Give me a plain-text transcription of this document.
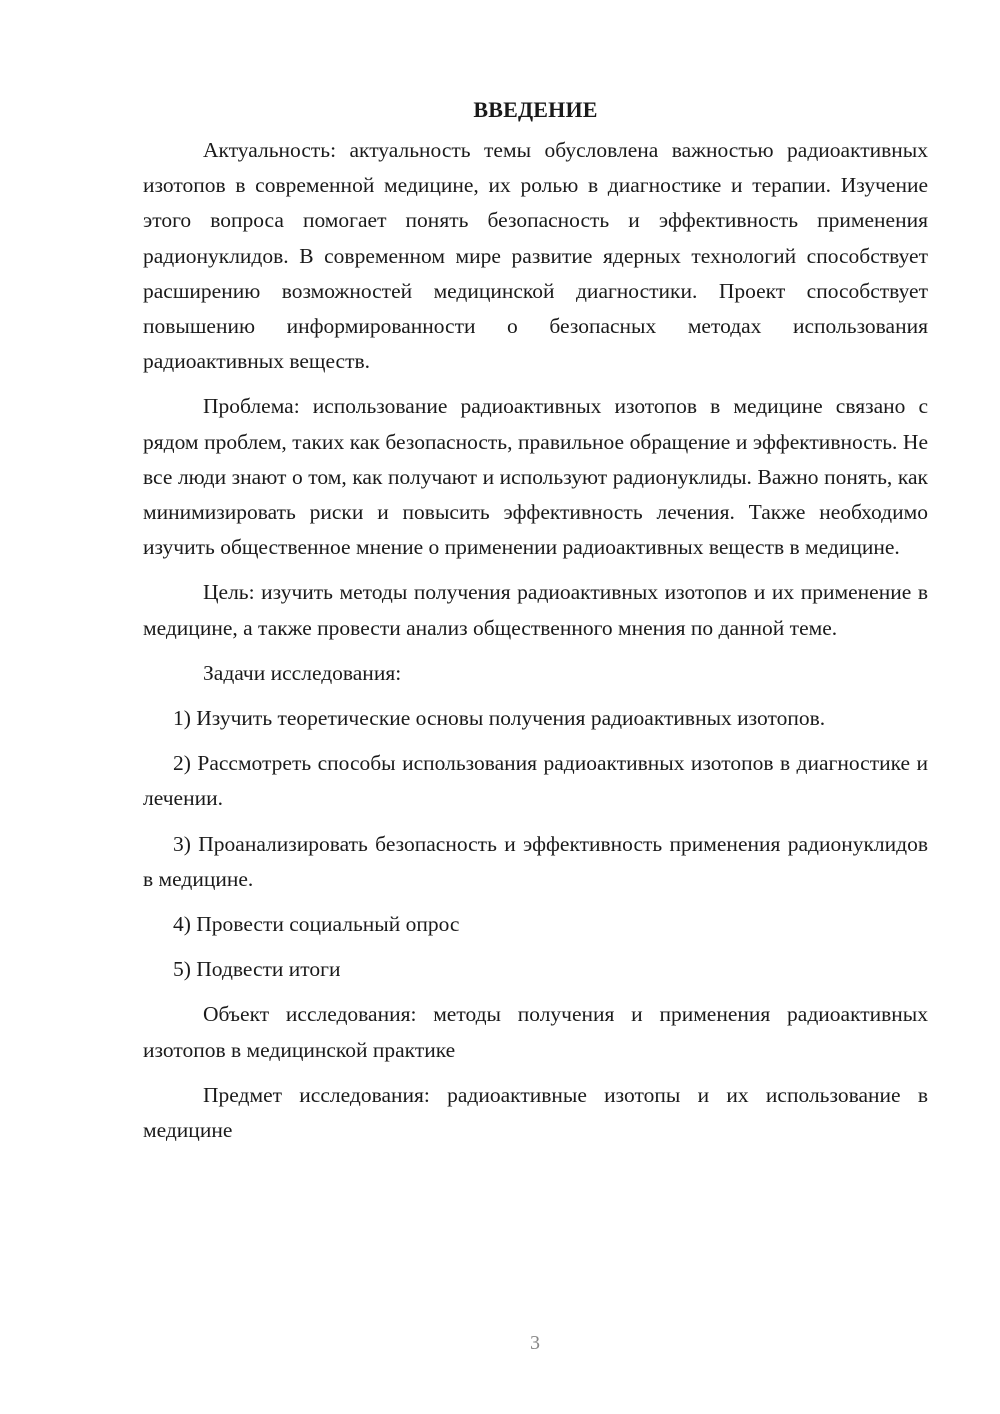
ВВЕДЕНИЕ

Актуальность: актуальность темы обусловлена важностью радиоактивных изотопов в современной медицине, их ролью в диагностике и терапии. Изучение этого вопроса помогает понять безопасность и эффективность применения радионуклидов. В современном мире развитие ядерных технологий способствует расширению возможностей медицинской диагностики. Проект способствует повышению информированности о безопасных методах использования радиоактивных веществ.

Проблема: использование радиоактивных изотопов в медицине связано с рядом проблем, таких как безопасность, правильное обращение и эффективность. Не все люди знают о том, как получают и используют радионуклиды. Важно понять, как минимизировать риски и повысить эффективность лечения. Также необходимо изучить общественное мнение о применении радиоактивных веществ в медицине.

Цель: изучить методы получения радиоактивных изотопов и их применение в медицине, а также провести анализ общественного мнения по данной теме.

Задачи исследования:

1) Изучить теоретические основы получения радиоактивных изотопов.

2) Рассмотреть способы использования радиоактивных изотопов в диагностике и лечении.

3) Проанализировать безопасность и эффективность применения радионуклидов в медицине.

4) Провести социальный опрос

5) Подвести итоги

Объект исследования: методы получения и применения радиоактивных изотопов в медицинской практике

Предмет исследования: радиоактивные изотопы и их использование в медицине

3
